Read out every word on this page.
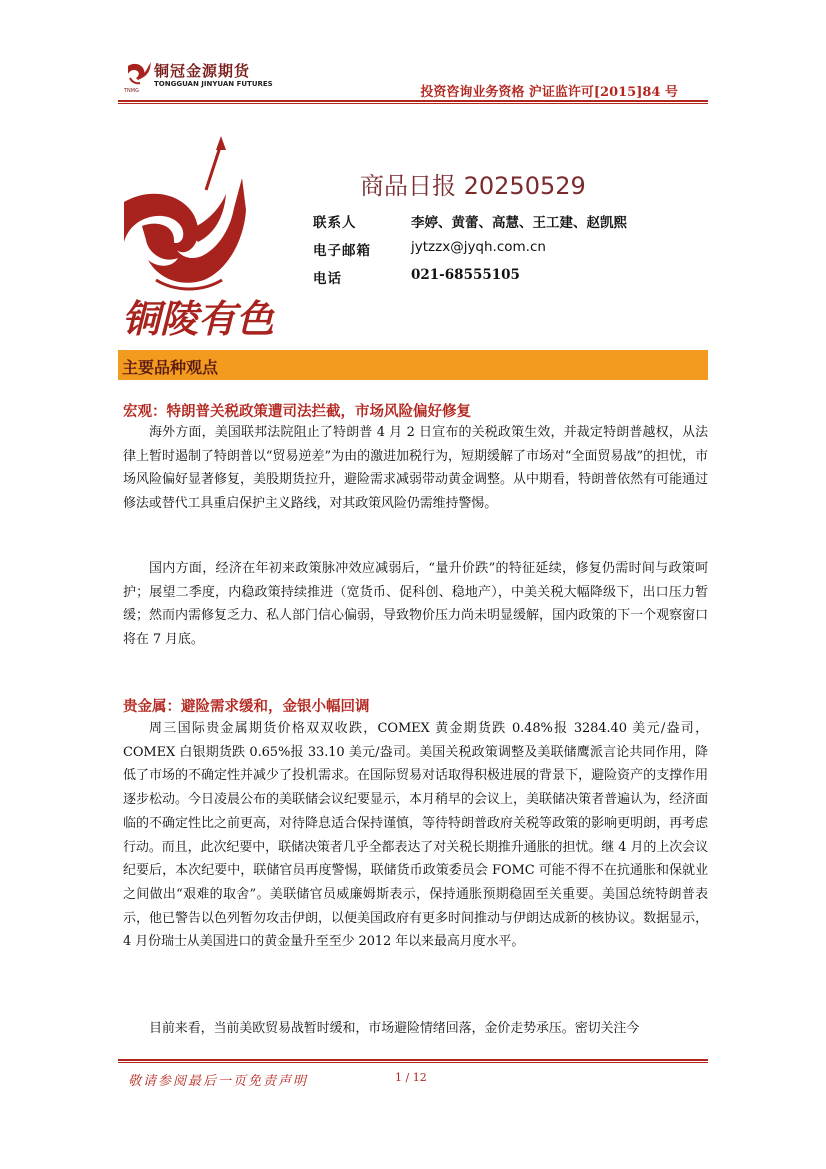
铜冠金源期货
TONGGUAN JINYUAN FUTURES
TNMG	投资咨询业务资格 沪证监许可[2015]84 号
铜陵有色
商品日报 20250529
联系人	李婷、黄蕾、高慧、王工建、赵凯熙
电子邮箱	jytzzx@jyqh.com.cn
电话	021-68555105
主要品种观点
宏观：特朗普关税政策遭司法拦截，市场风险偏好修复
海外方面，美国联邦法院阻止了特朗普 4 月 2 日宣布的关税政策生效，并裁定特朗普越权，从法律上暂时遏制了特朗普以“贸易逆差”为由的激进加税行为，短期缓解了市场对“全面贸易战”的担忧，市场风险偏好显著修复，美股期货拉升，避险需求减弱带动黄金调整。从中期看，特朗普依然有可能通过修法或替代工具重启保护主义路线，对其政策风险仍需维持警惕。
国内方面，经济在年初来政策脉冲效应减弱后，“量升价跌”的特征延续，修复仍需时间与政策呵护；展望二季度，内稳政策持续推进（宽货币、促科创、稳地产），中美关税大幅降级下，出口压力暂缓；然而内需修复乏力、私人部门信心偏弱，导致物价压力尚未明显缓解，国内政策的下一个观察窗口将在 7 月底。
贵金属：避险需求缓和，金银小幅回调
周三国际贵金属期货价格双双收跌，COMEX 黄金期货跌 0.48%报 3284.40 美元/盎司，COMEX 白银期货跌 0.65%报 33.10 美元/盎司。美国关税政策调整及美联储鹰派言论共同作用，降低了市场的不确定性并减少了投机需求。在国际贸易对话取得积极进展的背景下，避险资产的支撑作用逐步松动。今日凌晨公布的美联储会议纪要显示，本月稍早的会议上，美联储决策者普遍认为，经济面临的不确定性比之前更高，对待降息适合保持谨慎，等待特朗普政府关税等政策的影响更明朗，再考虑行动。而且，此次纪要中，联储决策者几乎全都表达了对关税长期推升通胀的担忧。继 4 月的上次会议纪要后，本次纪要中，联储官员再度警惕，联储货币政策委员会 FOMC 可能不得不在抗通胀和保就业之间做出“艰难的取舍”。美联储官员威廉姆斯表示，保持通胀预期稳固至关重要。美国总统特朗普表示，他已警告以色列暂勿攻击伊朗，以便美国政府有更多时间推动与伊朗达成新的核协议。数据显示，4 月份瑞士从美国进口的黄金量升至至少 2012 年以来最高月度水平。
目前来看，当前美欧贸易战暂时缓和，市场避险情绪回落，金价走势承压。密切关注今
敬请参阅最后一页免责声明	1 / 12
